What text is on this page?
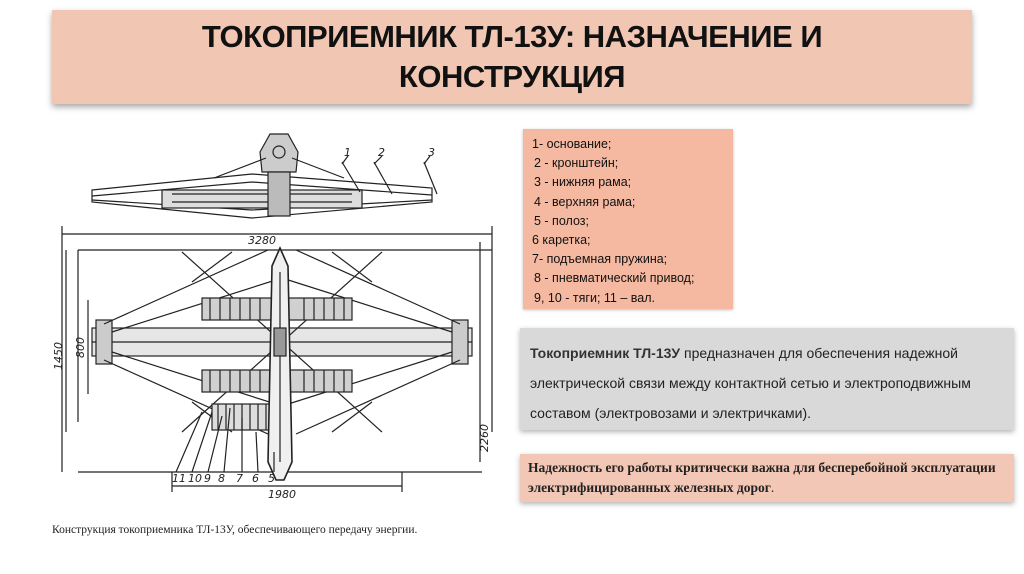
ТОКОПРИЕМНИК ТЛ-13У: НАЗНАЧЕНИЕ И КОНСТРУКЦИЯ
1 2	3
3280
1450 800
2260
1980
11 10 9 8 7 6 5
1- основание;
2 - кронштейн;
3 - нижняя рама;
4 - верхняя рама;
5 - полоз;
6 каретка;
7- подъемная пружина;
8 - пневматический привод;
9, 10 - тяги; 11 – вал.
Токоприемник ТЛ-13У предназначен для обеспечения надежной электрической связи между контактной сетью и электроподвижным составом (электровозами и электричками).
Надежность его работы критически важна для бесперебойной эксплуатации электрифицированных железных дорог.
Конструкция токоприемника ТЛ-13У, обеспечивающего передачу энергии.
